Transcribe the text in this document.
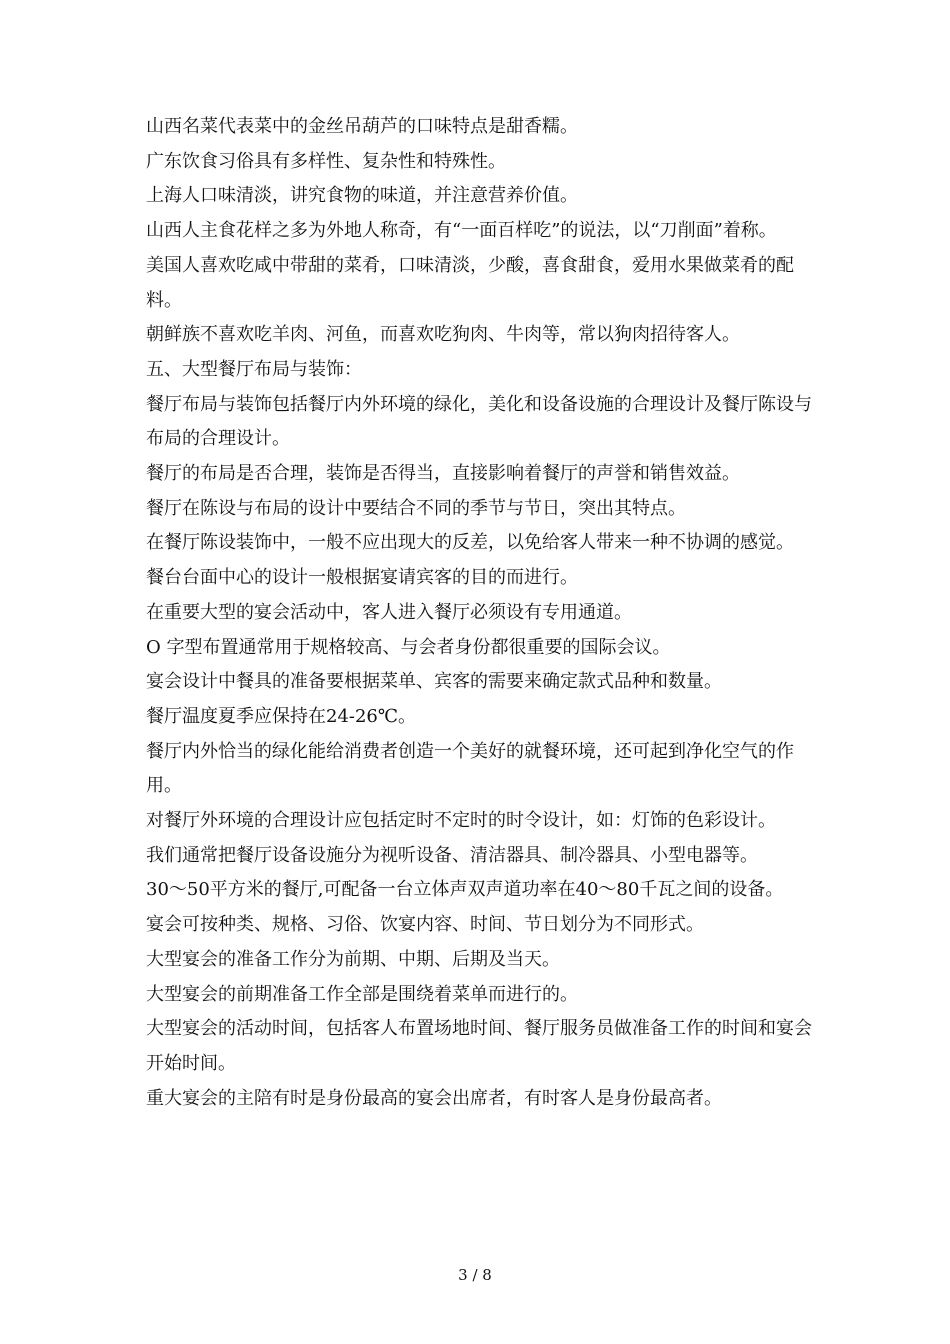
山西名菜代表菜中的金丝吊葫芦的口味特点是甜香糯。

广东饮食习俗具有多样性、复杂性和特殊性。

上海人口味清淡，讲究食物的味道，并注意营养价值。

山西人主食花样之多为外地人称奇，有“一面百样吃”的说法，以“刀削面”着称。

美国人喜欢吃咸中带甜的菜肴，口味清淡，少酸，喜食甜食，爱用水果做菜肴的配料。

朝鲜族不喜欢吃羊肉、河鱼，而喜欢吃狗肉、牛肉等，常以狗肉招待客人。

五、大型餐厅布局与装饰：

餐厅布局与装饰包括餐厅内外环境的绿化，美化和设备设施的合理设计及餐厅陈设与布局的合理设计。

餐厅的布局是否合理，装饰是否得当，直接影响着餐厅的声誉和销售效益。

餐厅在陈设与布局的设计中要结合不同的季节与节日，突出其特点。

在餐厅陈设装饰中，一般不应出现大的反差，以免给客人带来一种不协调的感觉。

餐台台面中心的设计一般根据宴请宾客的目的而进行。

在重要大型的宴会活动中，客人进入餐厅必须设有专用通道。

O 字型布置通常用于规格较高、与会者身份都很重要的国际会议。

宴会设计中餐具的准备要根据菜单、宾客的需要来确定款式品种和数量。

餐厅温度夏季应保持在24-26℃。

餐厅内外恰当的绿化能给消费者创造一个美好的就餐环境，还可起到净化空气的作用。

对餐厅外环境的合理设计应包括定时不定时的时令设计，如：灯饰的色彩设计。

我们通常把餐厅设备设施分为视听设备、清洁器具、制冷器具、小型电器等。

30～50平方米的餐厅,可配备一台立体声双声道功率在40～80千瓦之间的设备。

宴会可按种类、规格、习俗、饮宴内容、时间、节日划分为不同形式。

大型宴会的准备工作分为前期、中期、后期及当天。

大型宴会的前期准备工作全部是围绕着菜单而进行的。

大型宴会的活动时间，包括客人布置场地时间、餐厅服务员做准备工作的时间和宴会开始时间。

重大宴会的主陪有时是身份最高的宴会出席者，有时客人是身份最高者。

3 / 8
